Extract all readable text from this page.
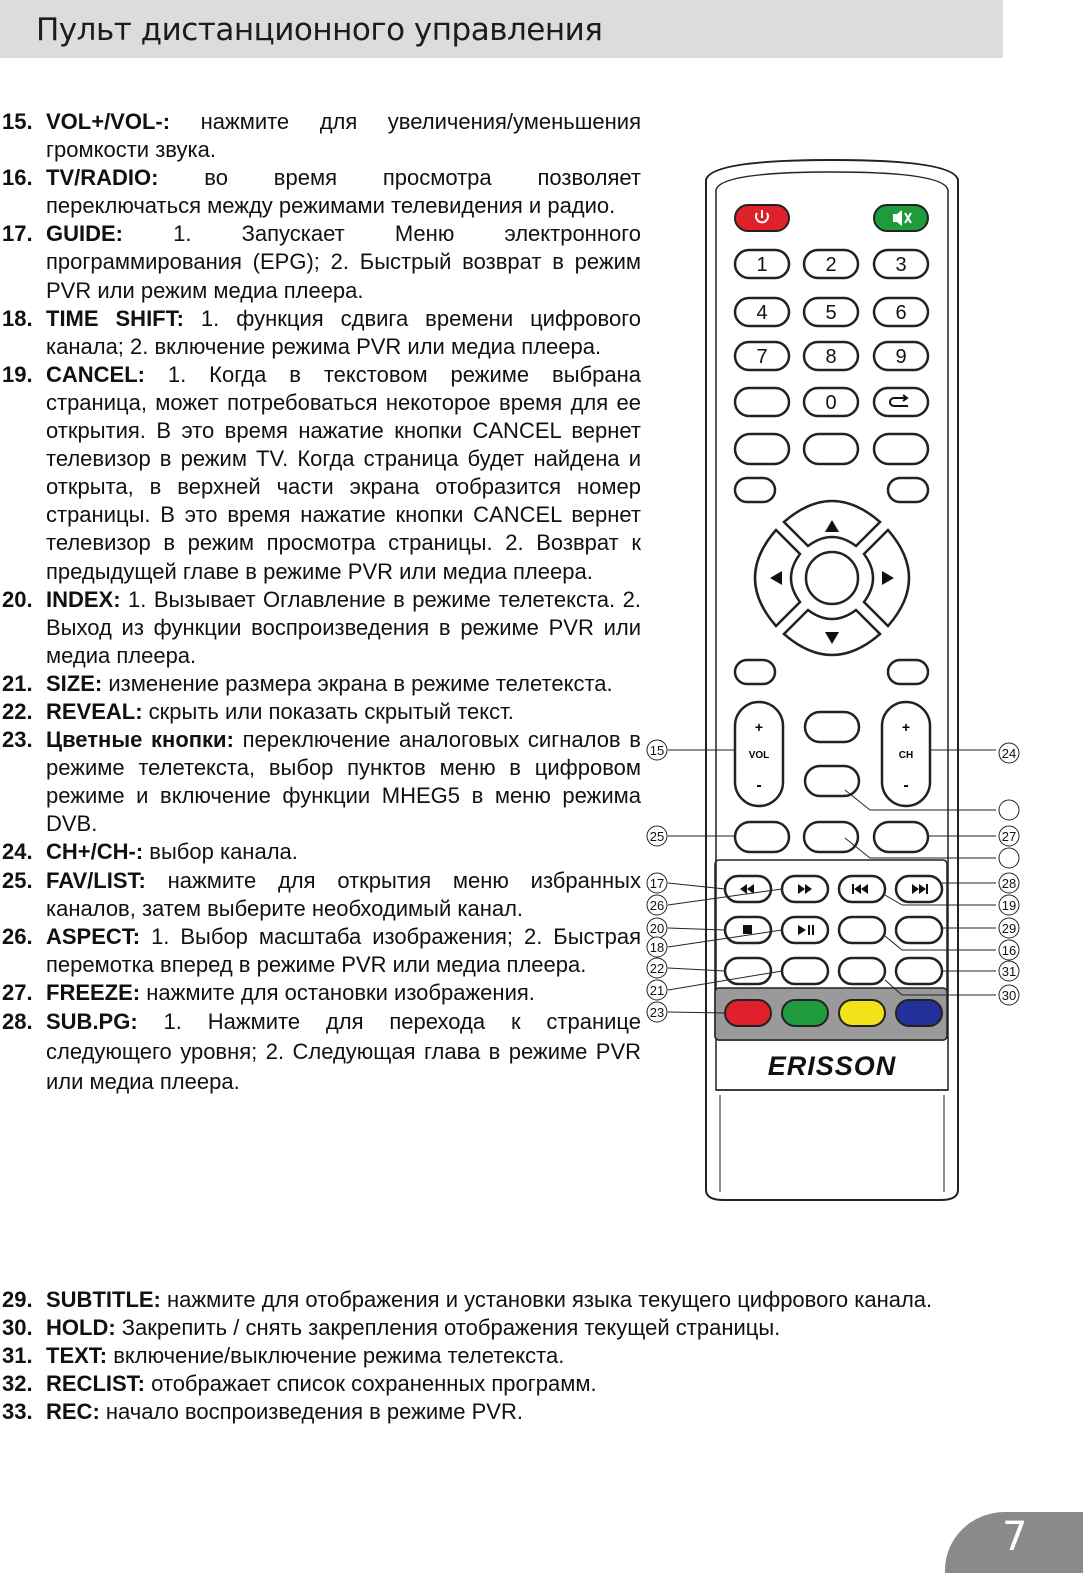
Пульт дистанционного управления
15. VOL+/VOL-: нажмите для увеличения/уменьшения громкости звука.
16. TV/RADIO: во время просмотра позволяет переключаться между режимами телевидения и радио.
17. GUIDE: 1. Запускает Меню электронного программирования (EPG); 2. Быстрый возврат в режим PVR или режим медиа плеера.
18. TIME SHIFT: 1. функция сдвига времени цифрового канала; 2. включение режима PVR или медиа плеера.
19. CANCEL: 1. Когда в текстовом режиме выбрана страница, может потребоваться некоторое время для ее открытия. В это время нажатие кнопки CANCEL вернет телевизор в режим TV. Когда страница будет найдена и открыта, в верхней части экрана отобразится номер страницы. В это время нажатие кнопки CANCEL вернет телевизор в режим просмотра страницы. 2. Возврат к предыдущей главе в режиме PVR или медиа плеера.
20. INDEX: 1. Вызывает Оглавление в режиме телетекста. 2. Выход из функции воспроизведения в режиме PVR или медиа плеера.
21. SIZE: изменение размера экрана в режиме телетекста.
22. REVEAL: скрыть или показать скрытый текст.
23. Цветные кнопки: переключение аналоговых сигналов в режиме телетекста, выбор пунктов меню в цифровом режиме и включение функции MHEG5 в меню режима DVB.
24. CH+/CH-: выбор канала.
25. FAV/LIST: нажмите для открытия меню избранных каналов, затем выберите необходимый канал.
26. ASPECT: 1. Выбор масштаба изображения; 2. Быстрая перемотка вперед в режиме PVR или медиа плеера.
27. FREEZE: нажмите для остановки изображения.
28. SUB.PG: 1. Нажмите для перехода к странице следующего уровня; 2. Следующая глава в режиме PVR или медиа плеера.
29. SUBTITLE: нажмите для отображения и установки языка текущего цифрового канала.
30. HOLD: Закрепить / снять закрепления отображения текущей страницы.
31. TEXT: включение/выключение режима телетекста.
32. RECLIST: отображает список сохраненных программ.
33. REC: начало воспроизведения в режиме PVR.
1	2	3
4	5	6
7	8	9
0
+
VOL
-
+
CH
-
ERISSON
15
25
17
26
20
18
22
21
23
24
27
28
19
29
16
31
30
7
